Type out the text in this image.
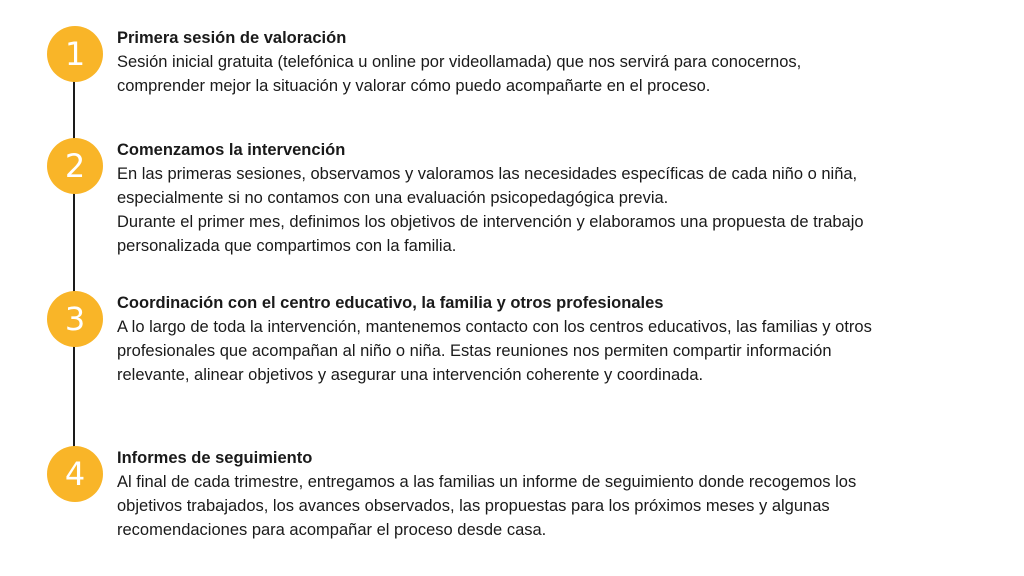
1	Primera sesión de valoración

Sesión inicial gratuita (telefónica u online por videollamada) que nos servirá para conocernos, comprender mejor la situación y valorar cómo puedo acompañarte en el proceso.

2	Comenzamos la intervención

En las primeras sesiones, observamos y valoramos las necesidades específicas de cada niño o niña, especialmente si no contamos con una evaluación psicopedagógica previa.

Durante el primer mes, definimos los objetivos de intervención y elaboramos una propuesta de trabajo personalizada que compartimos con la familia.

3	Coordinación con el centro educativo, la familia y otros profesionales

A lo largo de toda la intervención, mantenemos contacto con los centros educativos, las familias y otros profesionales que acompañan al niño o niña. Estas reuniones nos permiten compartir información relevante, alinear objetivos y asegurar una intervención coherente y coordinada.

4	Informes de seguimiento

Al final de cada trimestre, entregamos a las familias un informe de seguimiento donde recogemos los objetivos trabajados, los avances observados, las propuestas para los próximos meses y algunas recomendaciones para acompañar el proceso desde casa.
